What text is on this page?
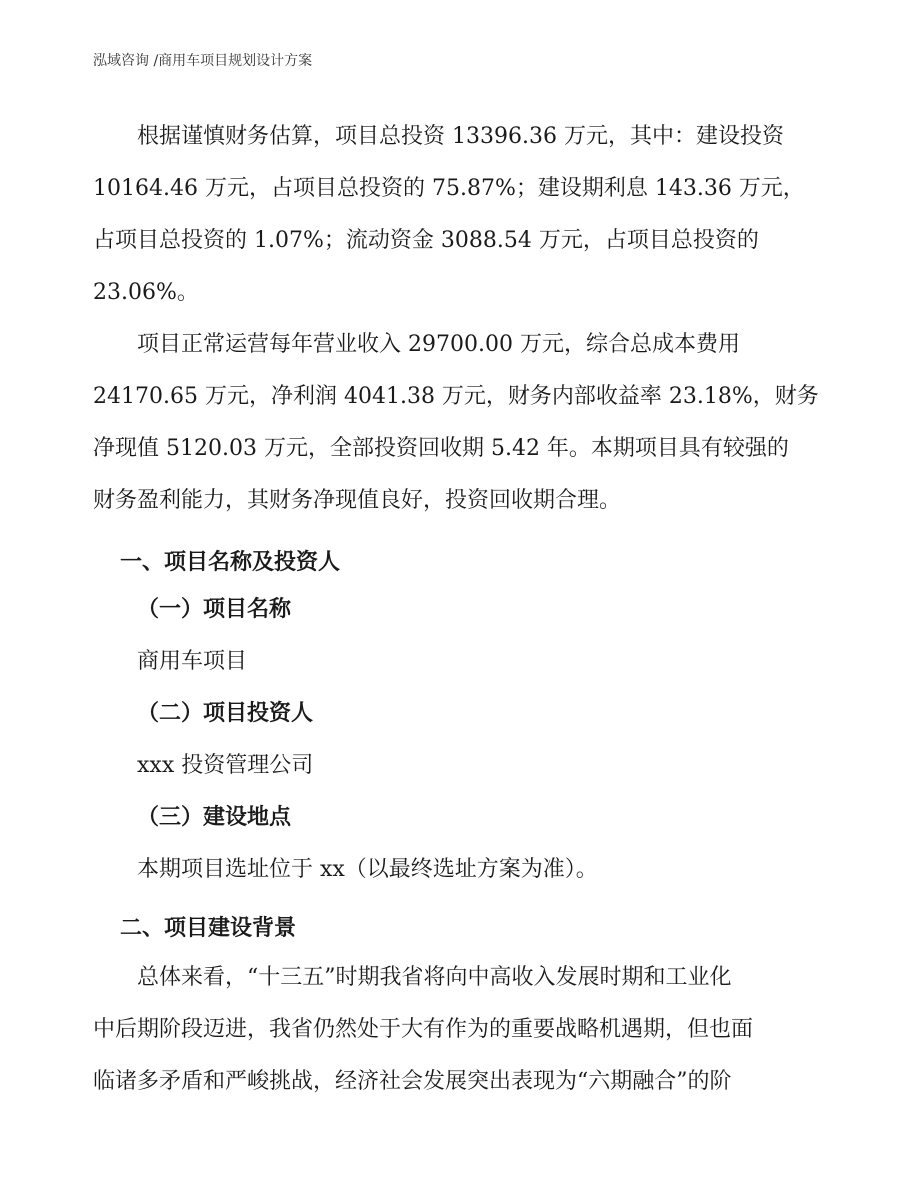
泓域咨询 /商用车项目规划设计方案
根据谨慎财务估算，项目总投资 13396.36 万元，其中：建设投资
10164.46 万元，占项目总投资的 75.87%；建设期利息 143.36 万元，
占项目总投资的 1.07%；流动资金 3088.54 万元，占项目总投资的
23.06%。
项目正常运营每年营业收入 29700.00 万元，综合总成本费用
24170.65 万元，净利润 4041.38 万元，财务内部收益率 23.18%，财务
净现值 5120.03 万元，全部投资回收期 5.42 年。本期项目具有较强的
财务盈利能力，其财务净现值良好，投资回收期合理。
一、项目名称及投资人
（一）项目名称
商用车项目
（二）项目投资人
xxx 投资管理公司
（三）建设地点
本期项目选址位于 xx（以最终选址方案为准）。
二、项目建设背景
总体来看，“十三五”时期我省将向中高收入发展时期和工业化
中后期阶段迈进，我省仍然处于大有作为的重要战略机遇期，但也面
临诸多矛盾和严峻挑战，经济社会发展突出表现为“六期融合”的阶
